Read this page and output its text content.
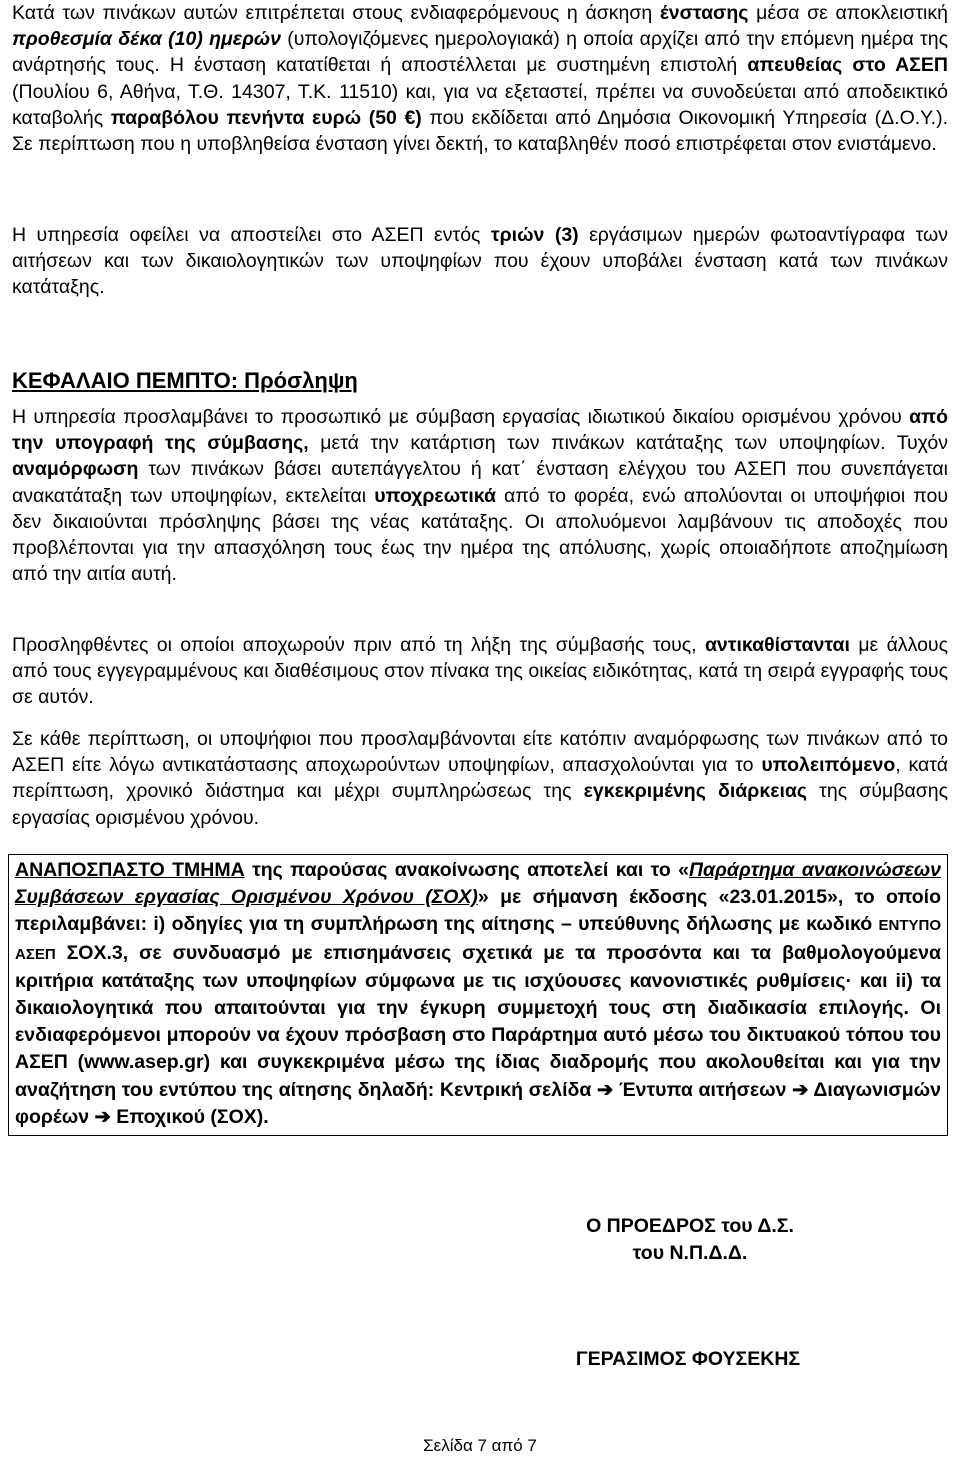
Κατά των πινάκων αυτών επιτρέπεται στους ενδιαφερόμενους η άσκηση ένστασης μέσα σε αποκλειστική προθεσμία δέκα (10) ημερών (υπολογιζόμενες ημερολογιακά) η οποία αρχίζει από την επόμενη ημέρα της ανάρτησής τους. Η ένσταση κατατίθεται ή αποστέλλεται με συστημένη επιστολή απευθείας στο ΑΣΕΠ (Πουλίου 6, Αθήνα, Τ.Θ. 14307, Τ.Κ. 11510) και, για να εξεταστεί, πρέπει να συνοδεύεται από αποδεικτικό καταβολής παραβόλου πενήντα ευρώ (50 €) που εκδίδεται από Δημόσια Οικονομική Υπηρεσία (Δ.Ο.Υ.). Σε περίπτωση που η υποβληθείσα ένσταση γίνει δεκτή, το καταβληθέν ποσό επιστρέφεται στον ενιστάμενο.

Η υπηρεσία οφείλει να αποστείλει στο ΑΣΕΠ εντός τριών (3) εργάσιμων ημερών φωτοαντίγραφα των αιτήσεων και των δικαιολογητικών των υποψηφίων που έχουν υποβάλει ένσταση κατά των πινάκων κατάταξης.

ΚΕΦΑΛΑΙΟ ΠΕΜΠΤΟ: Πρόσληψη

Η υπηρεσία προσλαμβάνει το προσωπικό με σύμβαση εργασίας ιδιωτικού δικαίου ορισμένου χρόνου από την υπογραφή της σύμβασης, μετά την κατάρτιση των πινάκων κατάταξης των υποψηφίων. Τυχόν αναμόρφωση των πινάκων βάσει αυτεπάγγελτου ή κατ΄ ένσταση ελέγχου του ΑΣΕΠ που συνεπάγεται ανακατάταξη των υποψηφίων, εκτελείται υποχρεωτικά από το φορέα, ενώ απολύονται οι υποψήφιοι που δεν δικαιούνται πρόσληψης βάσει της νέας κατάταξης. Οι απολυόμενοι λαμβάνουν τις αποδοχές που προβλέπονται για την απασχόληση τους έως την ημέρα της απόλυσης, χωρίς οποιαδήποτε αποζημίωση από την αιτία αυτή.

Προσληφθέντες οι οποίοι αποχωρούν πριν από τη λήξη της σύμβασής τους, αντικαθίστανται με άλλους από τους εγγεγραμμένους και διαθέσιμους στον πίνακα της οικείας ειδικότητας, κατά τη σειρά εγγραφής τους σε αυτόν.

Σε κάθε περίπτωση, οι υποψήφιοι που προσλαμβάνονται είτε κατόπιν αναμόρφωσης των πινάκων από το ΑΣΕΠ είτε λόγω αντικατάστασης αποχωρούντων υποψηφίων, απασχολούνται για το υπολειπόμενο, κατά περίπτωση, χρονικό διάστημα και μέχρι συμπληρώσεως της εγκεκριμένης διάρκειας της σύμβασης εργασίας ορισμένου χρόνου.

ΑΝΑΠΟΣΠΑΣΤΟ ΤΜΗΜΑ της παρούσας ανακοίνωσης αποτελεί και το «Παράρτημα ανακοινώσεων Συμβάσεων εργασίας Ορισμένου Χρόνου (ΣΟΧ)» με σήμανση έκδοσης «23.01.2015», το οποίο περιλαμβάνει: i) οδηγίες για τη συμπλήρωση της αίτησης – υπεύθυνης δήλωσης με κωδικό ΕΝΤΥΠΟ ΑΣΕΠ ΣΟΧ.3, σε συνδυασμό με επισημάνσεις σχετικά με τα προσόντα και τα βαθμολογούμενα κριτήρια κατάταξης των υποψηφίων σύμφωνα με τις ισχύουσες κανονιστικές ρυθμίσεις· και ii) τα δικαιολογητικά που απαιτούνται για την έγκυρη συμμετοχή τους στη διαδικασία επιλογής. Οι ενδιαφερόμενοι μπορούν να έχουν πρόσβαση στο Παράρτημα αυτό μέσω του δικτυακού τόπου του ΑΣΕΠ (www.asep.gr) και συγκεκριμένα μέσω της ίδιας διαδρομής που ακολουθείται και για την αναζήτηση του εντύπου της αίτησης δηλαδή: Κεντρική σελίδα ➔ Έντυπα αιτήσεων ➔ Διαγωνισμών φορέων ➔ Εποχικού (ΣΟΧ).

Ο ΠΡΟΕΔΡΟΣ του Δ.Σ.

του Ν.Π.Δ.Δ.

ΓΕΡΑΣΙΜΟΣ ΦΟΥΣΕΚΗΣ

Σελίδα 7 από 7
